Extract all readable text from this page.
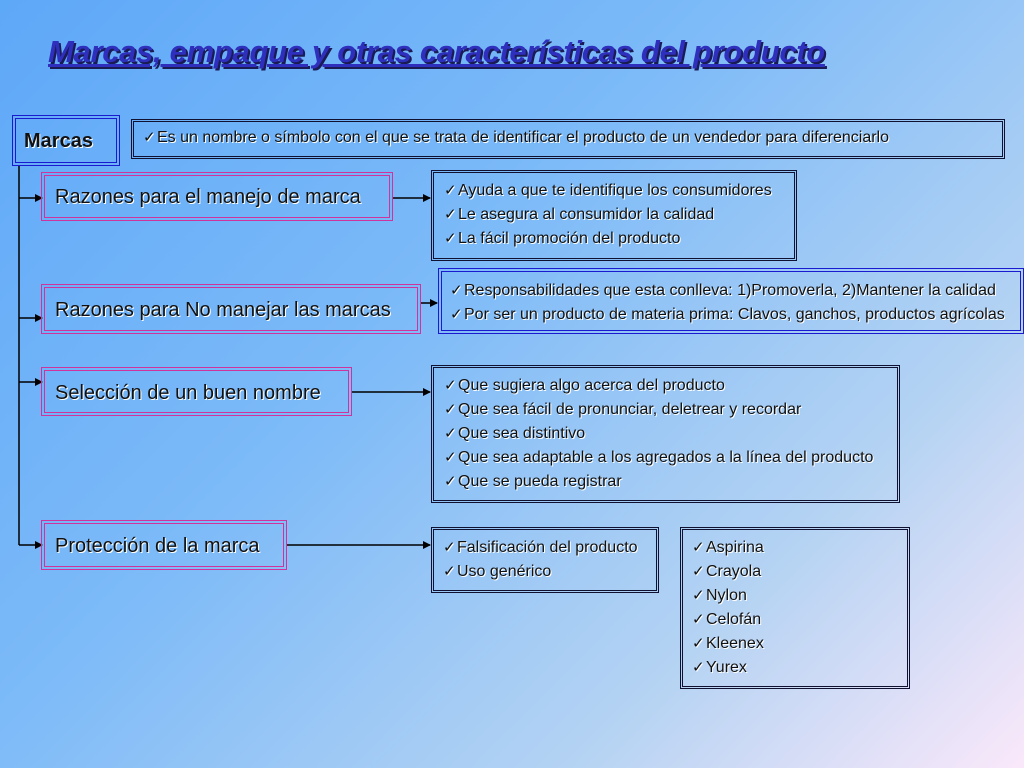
Marcas, empaque y otras características del producto
Marcas	✓Es un nombre o símbolo con el que se trata de identificar el producto de un vendedor para diferenciarlo
Razones para el manejo de marca	✓Ayuda a que te identifique los consumidores
✓Le asegura al consumidor la calidad
✓La fácil promoción del producto
Razones para No manejar las marcas
✓Responsabilidades que esta conlleva: 1)Promoverla, 2)Mantener la calidad
✓Por ser un producto de materia prima: Clavos, ganchos, productos agrícolas
Selección de un buen nombre	✓Que sugiera algo acerca del producto
✓Que sea fácil de pronunciar, deletrear y recordar
✓Que sea distintivo
✓Que sea adaptable a los agregados a la línea del producto
✓Que se pueda registrar
Protección de la marca	✓Falsificación del producto
✓Uso genérico
✓Aspirina
✓Crayola
✓Nylon
✓Celofán
✓Kleenex
✓Yurex
